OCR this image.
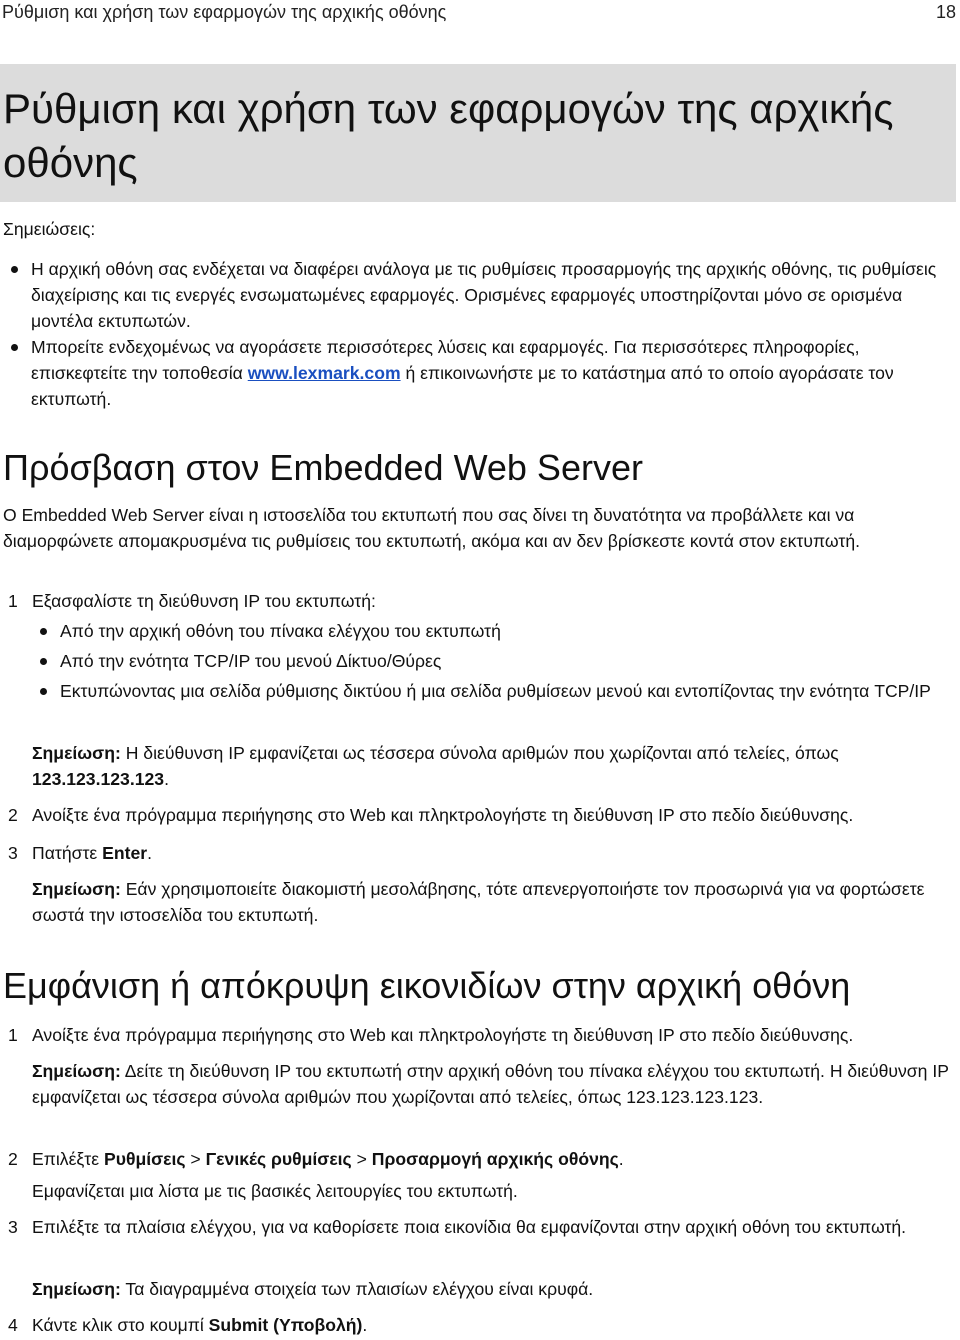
Ρύθμιση και χρήση των εφαρμογών της αρχικής οθόνης	18
Ρύθμιση και χρήση των εφαρμογών της αρχικής οθόνης
Σημειώσεις:
Η αρχική οθόνη σας ενδέχεται να διαφέρει ανάλογα με τις ρυθμίσεις προσαρμογής της αρχικής οθόνης, τις ρυθμίσεις διαχείρισης και τις ενεργές ενσωματωμένες εφαρμογές. Ορισμένες εφαρμογές υποστηρίζονται μόνο σε ορισμένα μοντέλα εκτυπωτών.
Μπορείτε ενδεχομένως να αγοράσετε περισσότερες λύσεις και εφαρμογές. Για περισσότερες πληροφορίες, επισκεφτείτε την τοποθεσία www.lexmark.com ή επικοινωνήστε με το κατάστημα από το οποίο αγοράσατε τον εκτυπωτή.
Πρόσβαση στον Embedded Web Server
Ο Embedded Web Server είναι η ιστοσελίδα του εκτυπωτή που σας δίνει τη δυνατότητα να προβάλλετε και να διαμορφώνετε απομακρυσμένα τις ρυθμίσεις του εκτυπωτή, ακόμα και αν δεν βρίσκεστε κοντά στον εκτυπωτή.
1 Εξασφαλίστε τη διεύθυνση IP του εκτυπωτή:
Από την αρχική οθόνη του πίνακα ελέγχου του εκτυπωτή
Από την ενότητα TCP/IP του μενού Δίκτυο/Θύρες
Εκτυπώνοντας μια σελίδα ρύθμισης δικτύου ή μια σελίδα ρυθμίσεων μενού και εντοπίζοντας την ενότητα TCP/IP
Σημείωση: Η διεύθυνση IP εμφανίζεται ως τέσσερα σύνολα αριθμών που χωρίζονται από τελείες, όπως 123.123.123.123.
2 Ανοίξτε ένα πρόγραμμα περιήγησης στο Web και πληκτρολογήστε τη διεύθυνση IP στο πεδίο διεύθυνσης.
3 Πατήστε Enter.
Σημείωση: Εάν χρησιμοποιείτε διακομιστή μεσολάβησης, τότε απενεργοποιήστε τον προσωρινά για να φορτώσετε σωστά την ιστοσελίδα του εκτυπωτή.
Εμφάνιση ή απόκρυψη εικονιδίων στην αρχική οθόνη
1 Ανοίξτε ένα πρόγραμμα περιήγησης στο Web και πληκτρολογήστε τη διεύθυνση IP στο πεδίο διεύθυνσης.
Σημείωση: Δείτε τη διεύθυνση IP του εκτυπωτή στην αρχική οθόνη του πίνακα ελέγχου του εκτυπωτή. Η διεύθυνση IP εμφανίζεται ως τέσσερα σύνολα αριθμών που χωρίζονται από τελείες, όπως 123.123.123.123.
2 Επιλέξτε Ρυθμίσεις > Γενικές ρυθμίσεις > Προσαρμογή αρχικής οθόνης.
Εμφανίζεται μια λίστα με τις βασικές λειτουργίες του εκτυπωτή.
3 Επιλέξτε τα πλαίσια ελέγχου, για να καθορίσετε ποια εικονίδια θα εμφανίζονται στην αρχική οθόνη του εκτυπωτή.
Σημείωση: Τα διαγραμμένα στοιχεία των πλαισίων ελέγχου είναι κρυφά.
4 Κάντε κλικ στο κουμπί Submit (Υποβολή).
